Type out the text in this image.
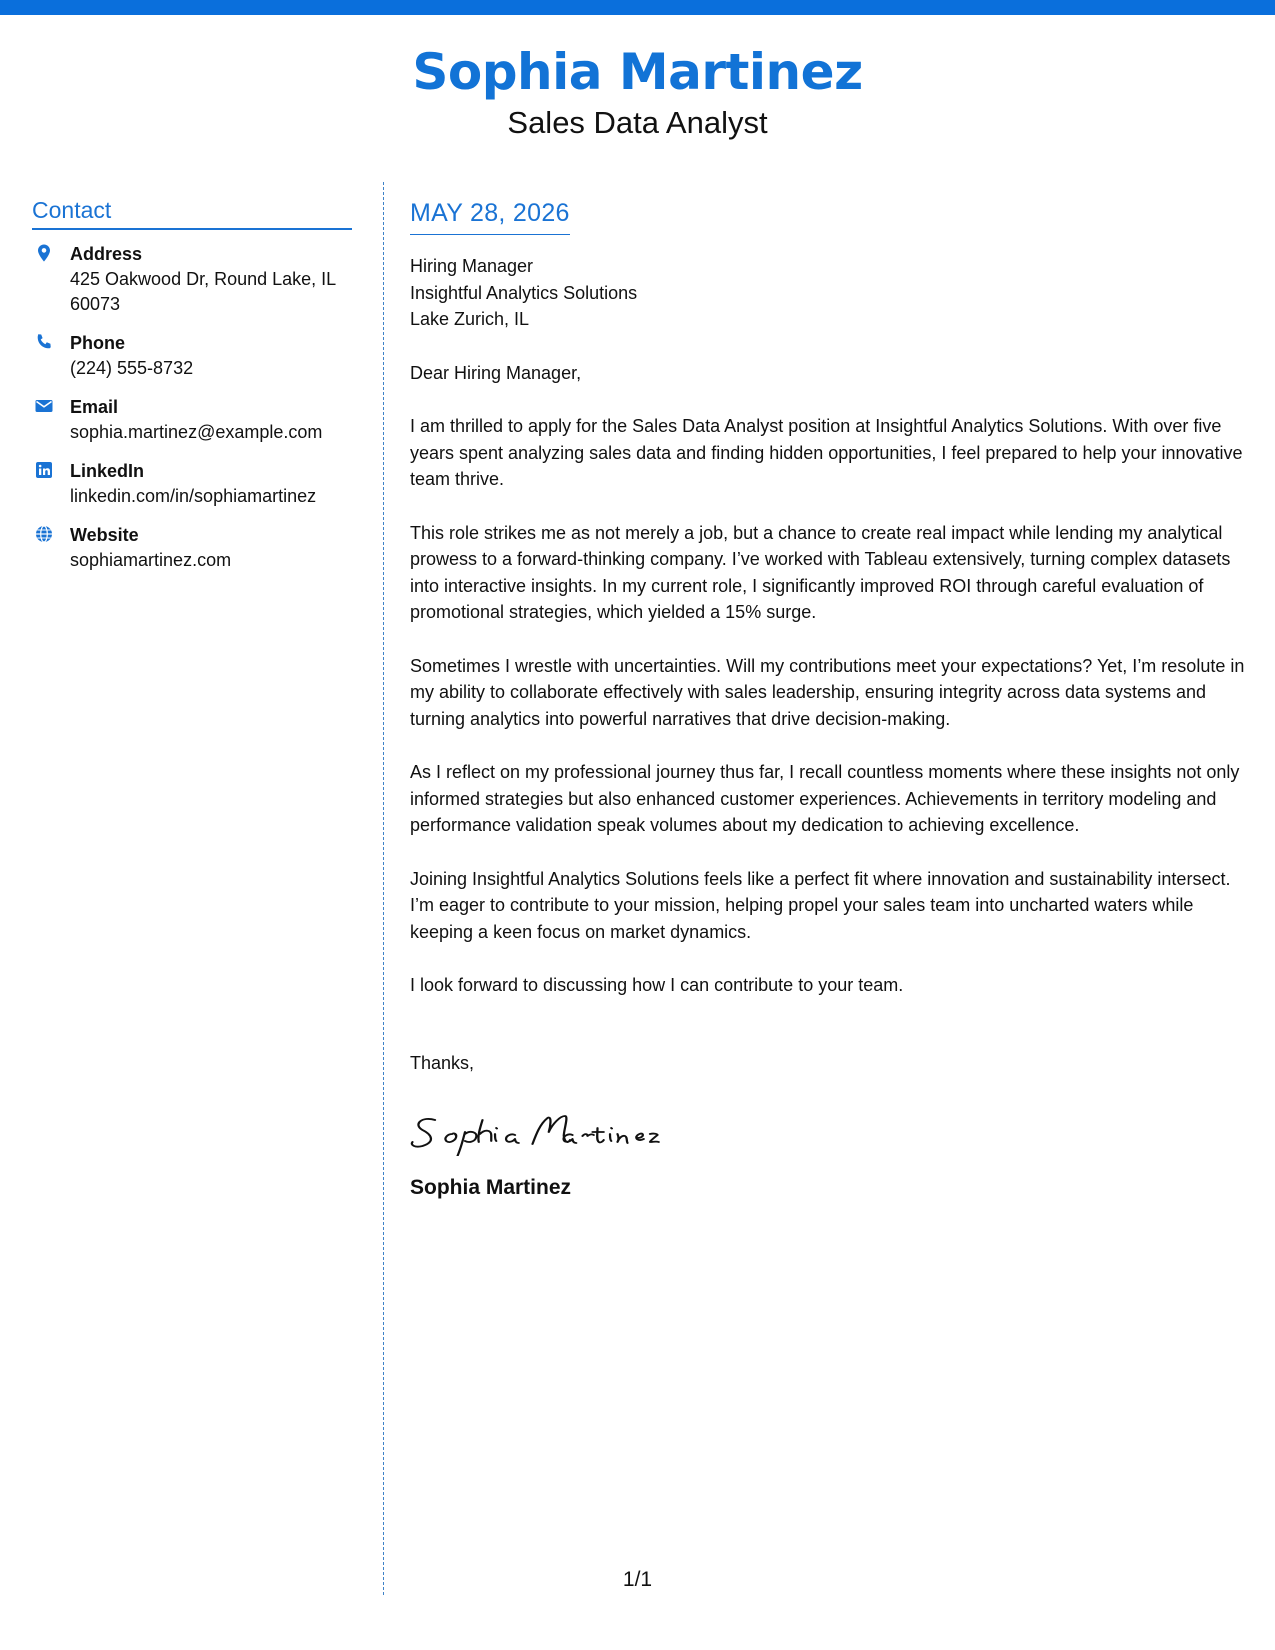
Sophia Martinez
Sales Data Analyst
Contact
Address
425 Oakwood Dr, Round Lake, IL 60073
Phone
(224) 555-8732
Email
sophia.martinez@example.com
LinkedIn
linkedin.com/in/sophiamartinez
Website
sophiamartinez.com
MAY 28, 2026
Hiring Manager
Insightful Analytics Solutions
Lake Zurich, IL
Dear Hiring Manager,
I am thrilled to apply for the Sales Data Analyst position at Insightful Analytics Solutions. With over five years spent analyzing sales data and finding hidden opportunities, I feel prepared to help your innovative team thrive.
This role strikes me as not merely a job, but a chance to create real impact while lending my analytical prowess to a forward-thinking company. I’ve worked with Tableau extensively, turning complex datasets into interactive insights. In my current role, I significantly improved ROI through careful evaluation of promotional strategies, which yielded a 15% surge.
Sometimes I wrestle with uncertainties. Will my contributions meet your expectations? Yet, I’m resolute in my ability to collaborate effectively with sales leadership, ensuring integrity across data systems and turning analytics into powerful narratives that drive decision-making.
As I reflect on my professional journey thus far, I recall countless moments where these insights not only informed strategies but also enhanced customer experiences. Achievements in territory modeling and performance validation speak volumes about my dedication to achieving excellence.
Joining Insightful Analytics Solutions feels like a perfect fit where innovation and sustainability intersect. I’m eager to contribute to your mission, helping propel your sales team into uncharted waters while keeping a keen focus on market dynamics.
I look forward to discussing how I can contribute to your team.
Thanks,
Sophia Martinez
1/1
